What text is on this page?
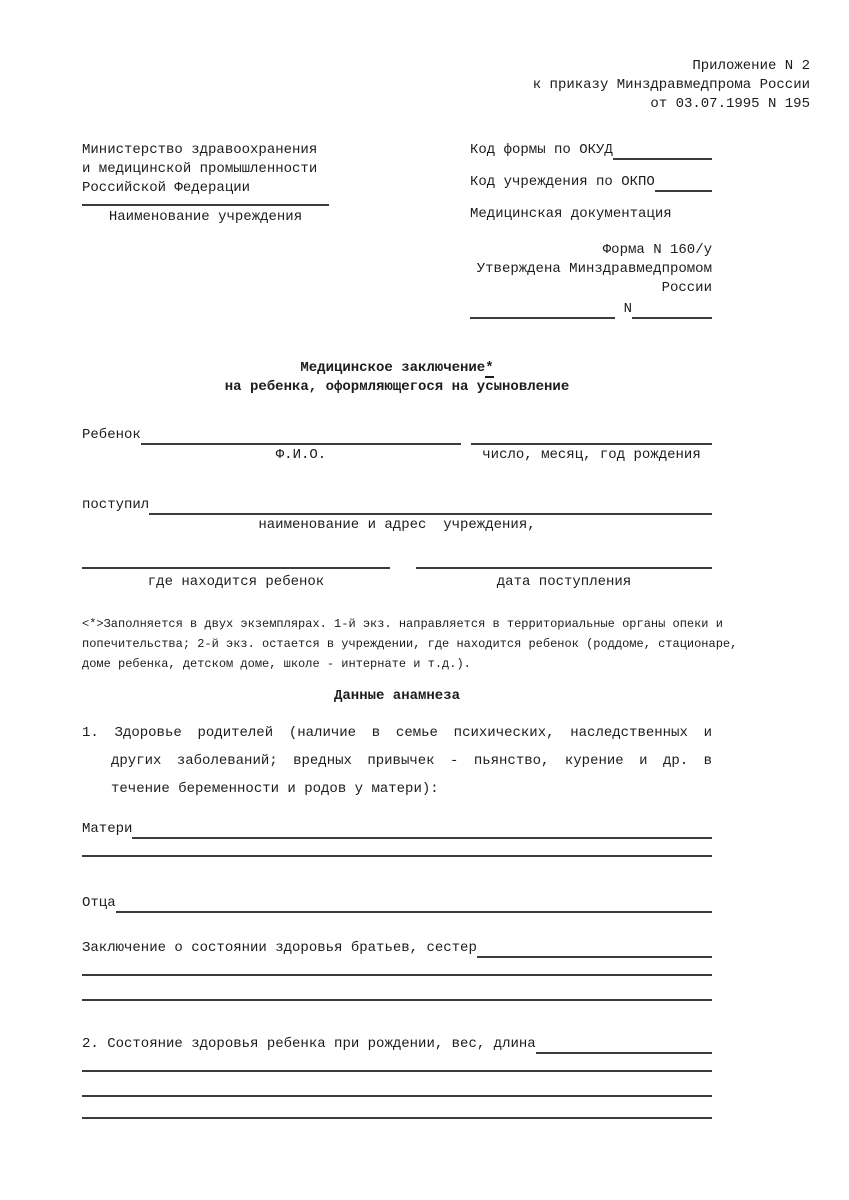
Приложение N 2
к приказу Минздравмедпрома России
от 03.07.1995 N 195
Министерство здравоохранения
и медицинской промышленности
Российской Федерации
Наименование учреждения
Код формы по ОКУД
Код учреждения по ОКПО
Медицинская документация
Форма N 160/у
Утверждена Минздравмедпромом
России
N
Медицинское заключение*
на ребенка, оформляющегося на усыновление
Ребенок
Ф.И.О.	число, месяц, год рождения
поступил
наименование и адрес  учреждения,
где находится ребенок	дата поступления
<*>Заполняется в двух экземплярах. 1-й экз. направляется в территориальные органы опеки и
попечительства; 2-й экз. остается в учреждении, где находится ребенок (роддоме, стационаре,
доме ребенка, детском доме, школе - интернате и т.д.).
Данные анамнеза
1. Здоровье родителей (наличие в семье психических, наследственных и
других заболеваний; вредных привычек - пьянство, курение и др. в
течение беременности и родов у матери):
Матери
Отца
Заключение о состоянии здоровья братьев, сестер
2. Состояние здоровья ребенка при рождении, вес, длина
